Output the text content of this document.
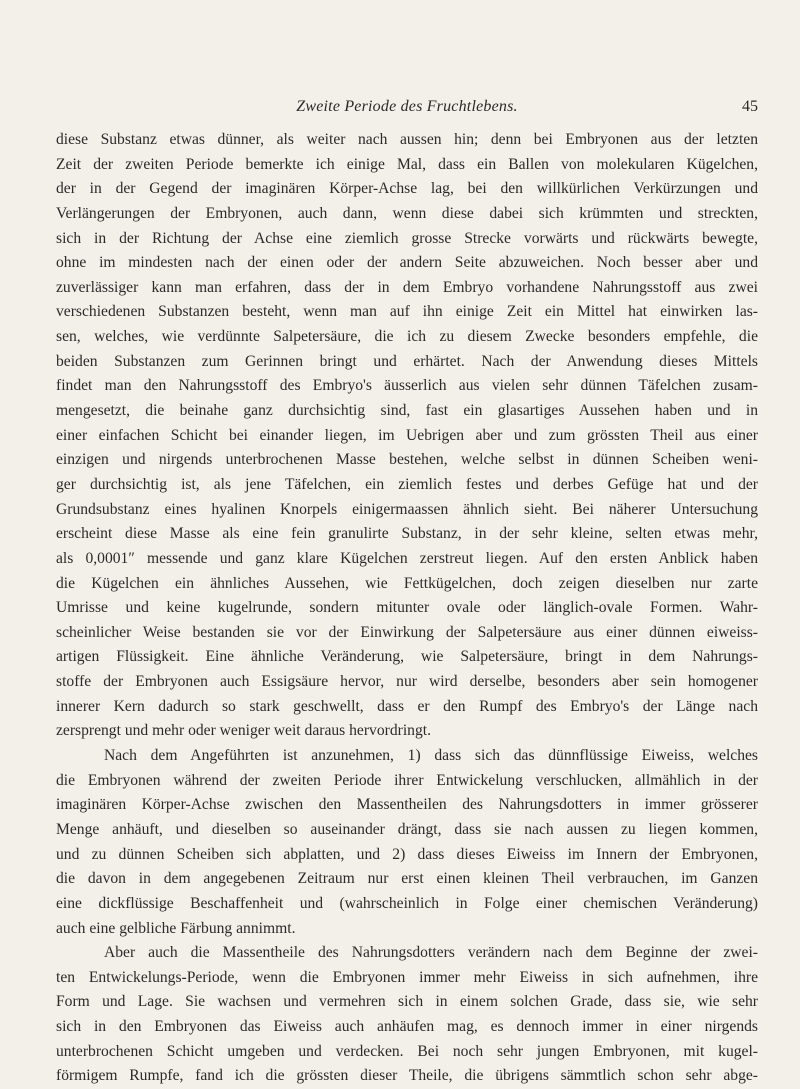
Zweite Periode des Fruchtlebens.	45
diese Substanz etwas dünner, als weiter nach aussen hin; denn bei Embryonen aus der letzten
Zeit der zweiten Periode bemerkte ich einige Mal, dass ein Ballen von molekularen Kügelchen,
der in der Gegend der imaginären Körper-Achse lag, bei den willkürlichen Verkürzungen und
Verlängerungen der Embryonen, auch dann, wenn diese dabei sich krümmten und streckten,
sich in der Richtung der Achse eine ziemlich grosse Strecke vorwärts und rückwärts bewegte,
ohne im mindesten nach der einen oder der andern Seite abzuweichen. Noch besser aber und
zuverlässiger kann man erfahren, dass der in dem Embryo vorhandene Nahrungsstoff aus zwei
verschiedenen Substanzen besteht, wenn man auf ihn einige Zeit ein Mittel hat einwirken las-
sen, welches, wie verdünnte Salpetersäure, die ich zu diesem Zwecke besonders empfehle, die
beiden Substanzen zum Gerinnen bringt und erhärtet. Nach der Anwendung dieses Mittels
findet man den Nahrungsstoff des Embryo's äusserlich aus vielen sehr dünnen Täfelchen zusam-
mengesetzt, die beinahe ganz durchsichtig sind, fast ein glasartiges Aussehen haben und in
einer einfachen Schicht bei einander liegen, im Uebrigen aber und zum grössten Theil aus einer
einzigen und nirgends unterbrochenen Masse bestehen, welche selbst in dünnen Scheiben weni-
ger durchsichtig ist, als jene Täfelchen, ein ziemlich festes und derbes Gefüge hat und der
Grundsubstanz eines hyalinen Knorpels einigermaassen ähnlich sieht. Bei näherer Untersuchung
erscheint diese Masse als eine fein granulirte Substanz, in der sehr kleine, selten etwas mehr,
als 0,0001″ messende und ganz klare Kügelchen zerstreut liegen. Auf den ersten Anblick haben
die Kügelchen ein ähnliches Aussehen, wie Fettkügelchen, doch zeigen dieselben nur zarte
Umrisse und keine kugelrunde, sondern mitunter ovale oder länglich-ovale Formen. Wahr-
scheinlicher Weise bestanden sie vor der Einwirkung der Salpetersäure aus einer dünnen eiweiss-
artigen Flüssigkeit. Eine ähnliche Veränderung, wie Salpetersäure, bringt in dem Nahrungs-
stoffe der Embryonen auch Essigsäure hervor, nur wird derselbe, besonders aber sein homogener
innerer Kern dadurch so stark geschwellt, dass er den Rumpf des Embryo's der Länge nach
zersprengt und mehr oder weniger weit daraus hervordringt.
Nach dem Angeführten ist anzunehmen, 1) dass sich das dünnflüssige Eiweiss, welches
die Embryonen während der zweiten Periode ihrer Entwickelung verschlucken, allmählich in der
imaginären Körper-Achse zwischen den Massentheilen des Nahrungsdotters in immer grösserer
Menge anhäuft, und dieselben so auseinander drängt, dass sie nach aussen zu liegen kommen,
und zu dünnen Scheiben sich abplatten, und 2) dass dieses Eiweiss im Innern der Embryonen,
die davon in dem angegebenen Zeitraum nur erst einen kleinen Theil verbrauchen, im Ganzen
eine dickflüssige Beschaffenheit und (wahrscheinlich in Folge einer chemischen Veränderung)
auch eine gelbliche Färbung annimmt.
Aber auch die Massentheile des Nahrungsdotters verändern nach dem Beginne der zwei-
ten Entwickelungs-Periode, wenn die Embryonen immer mehr Eiweiss in sich aufnehmen, ihre
Form und Lage. Sie wachsen und vermehren sich in einem solchen Grade, dass sie, wie sehr
sich in den Embryonen das Eiweiss auch anhäufen mag, es dennoch immer in einer nirgends
unterbrochenen Schicht umgeben und verdecken. Bei noch sehr jungen Embryonen, mit kugel-
förmigem Rumpfe, fand ich die grössten dieser Theile, die übrigens sämmtlich schon sehr abge-
